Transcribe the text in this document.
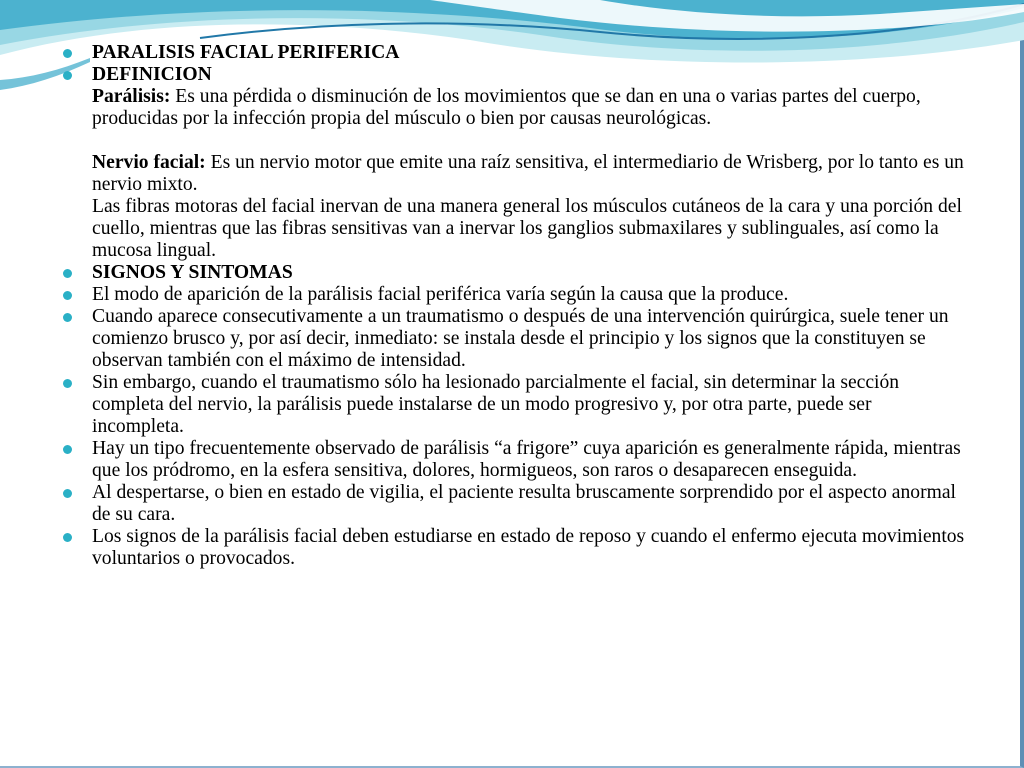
PARALISIS FACIAL PERIFERICA
DEFINICION
Parálisis: Es una pérdida o disminución de los movimientos que se dan en una o varias partes del cuerpo, producidas por la infección propia del músculo o bien por causas neurológicas.
Nervio facial: Es un nervio motor que emite una raíz sensitiva, el intermediario de Wrisberg, por lo tanto es un nervio mixto.
Las fibras motoras del facial inervan de una manera general los músculos cutáneos de la cara y una porción del cuello, mientras que las fibras sensitivas van a inervar los ganglios submaxilares y sublinguales, así como la mucosa lingual.
SIGNOS Y SINTOMAS
El modo de aparición de la parálisis facial periférica varía según la causa que la produce.
Cuando aparece consecutivamente a un traumatismo o después de una intervención quirúrgica, suele tener un comienzo brusco y, por así decir, inmediato: se instala desde el principio y los signos que la constituyen se observan también con el máximo de intensidad.
Sin embargo, cuando el traumatismo sólo ha lesionado parcialmente el facial, sin determinar la sección completa del nervio, la parálisis puede instalarse de un modo progresivo y, por otra parte, puede ser incompleta.
Hay un tipo frecuentemente observado de parálisis “a frigore” cuya aparición es generalmente rápida, mientras que los pródromo, en la esfera sensitiva, dolores, hormigueos, son raros o desaparecen enseguida.
Al despertarse, o bien en estado de vigilia, el paciente resulta bruscamente sorprendido por el aspecto anormal de su cara.
Los signos de la parálisis facial deben estudiarse en estado de reposo y cuando el enfermo ejecuta movimientos voluntarios o provocados.
